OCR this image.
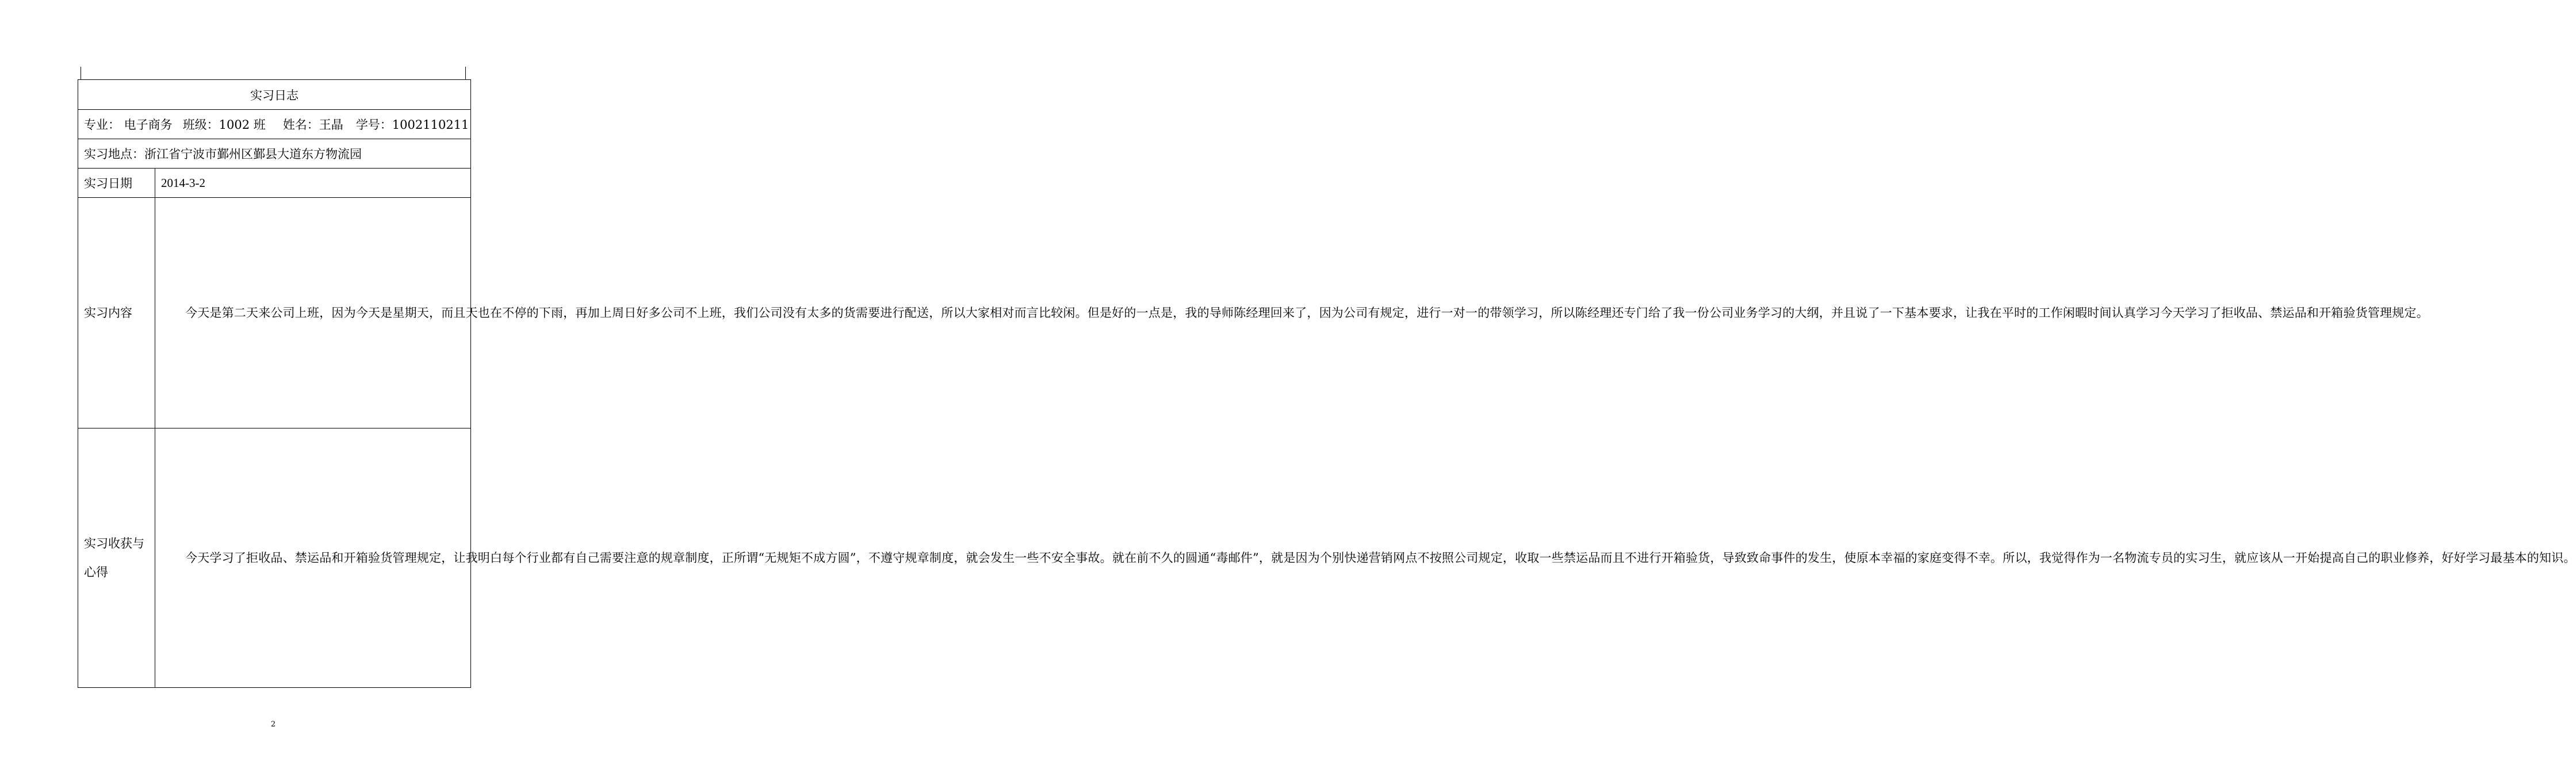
实习日志	
专业： 电子商务 班级：1002 班 姓名：王晶 学号：1002110211	
实习地点：浙江省宁波市鄞州区鄞县大道东方物流园	
实习日期	2014-3-2

实习内容	今天是第二天来公司上班，因为今天是星期天，而且天也在不停的下雨，再加上周日好多公司不上班，我们公司没有太多的货需要进行配送，所以大家相对而言比较闲。但是好的一点是，我的导师陈经理回来了，因为公司有规定，进行一对一的带领学习，所以陈经理还专门给了我一份公司业务学习的大纲，并且说了一下基本要求，让我在平时的工作闲暇时间认真学习今天学习了拒收品、禁运品和开箱验货管理规定。

实习收获与
心得	今天学习了拒收品、禁运品和开箱验货管理规定，让我明白每个行业都有自己需要注意的规章制度，正所谓“无规矩不成方圆”，不遵守规章制度，就会发生一些不安全事故。就在前不久的圆通“毒邮件”，就是因为个别快递营销网点不按照公司规定，收取一些禁运品而且不进行开箱验货，导致致命事件的发生，使原本幸福的家庭变得不幸。所以，我觉得作为一名物流专员的实习生，就应该从一开始提高自己的职业修养，好好学习最基本的知识。

2
